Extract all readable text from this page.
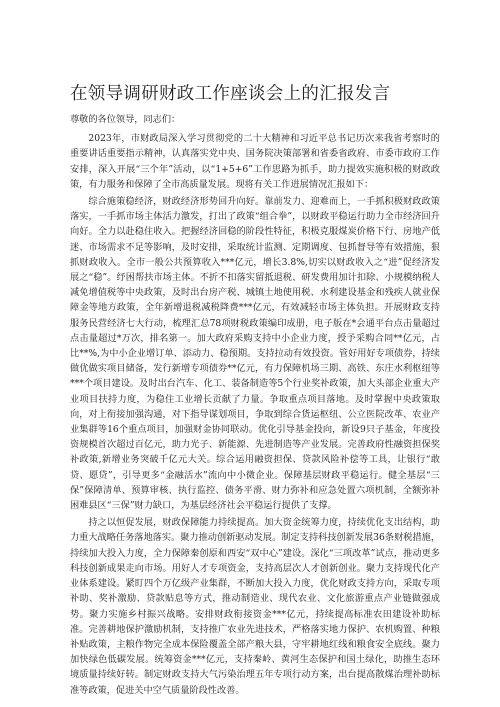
在领导调研财政工作座谈会上的汇报发言

尊敬的各位领导，同志们：

2023年，市财政局深入学习贯彻党的二十大精神和习近平总书记历次来我省考察时的重要讲话重要指示精神，认真落实党中央、国务院决策部署和省委省政府、市委市政府工作安排，深入开展“三个年”活动，以“1+5+6”工作思路为抓手，助力提效实施积极的财政政策，有力服务和保障了全市高质量发展。现将有关工作进展情况汇报如下：

综合施策稳经济，财政经济形势回升向好。靠前发力、迎难而上，一手抓积极财政政策落实，一手抓市场主体活力激发，打出了政策“组合拳”，以财政平稳运行助力全市经济回升向好。全力以赴稳住收入。把握经济回稳的阶段性特征，积极克服煤炭价格下行、房地产低迷、市场需求不足等影响，及时安排，采取统计监测、定期调度、包抓督导等有效措施，狠抓财政收入。全市一般公共预算收入***亿元，增长3.8%,切实以财政收入之“进”促经济发展之“稳”。纾困帮扶市场主体。不折不扣落实留抵退税、研发费用加计扣除、小规模纳税人减免增值税等中央政策，及时出台房产税、城镇土地使用税、水利建设基金和残疾人就业保障金等地方政策，全年新增退税减税降费***亿元，有效减轻市场主体负担。开展财政支持服务民营经济七大行动，梳理汇总78项财税政策编印成册，电子版在*会通平台点击量超过点击量超过*万次，排名第一。加大政府采购支持中小企业力度，授予采购合同**亿元，占比**%,为中小企业增订单、添动力、稳预期。支持拉动有效投资。管好用好专项债券，持续做优做实项目储备，发行新增专项债券**亿元，有力保障机场三期、高铁、东庄水利枢纽等***个项目建设。及时出台汽车、化工、装备制造等5个行业奖补政策，加大头部企业重大产业项目扶持力度，为稳住工业增长贡献了力量。争取重点项目落地。及时掌握中央政策取向，对上衔接加强沟通，对下指导谋划项目，争取到综合货运枢纽、公立医院改革、农业产业集群等16个重点项目，加强财金协同联动。优化引导基金投向，新设9只子基金，年度投资规模首次超过百亿元，助力光子、新能源、先进制造等产业发展。完善政府性融资担保奖补政策,新增业务突破千亿元大关。综合运用融资担保、贷款风险补偿等工具，让银行“敢贷、愿贷”，引导更多“金融活水”流向中小微企业。保障基层财政平稳运行。健全基层“三保”保障清单、预算审核、执行监控、债务平滑、财力弥补和应急处置六项机制，全额弥补困难县区“三保”财力缺口，为基层经济社会平稳运行提供了支撑。

持之以恒促发展，财政保障能力持续提高。加大资金统筹力度，持续优化支出结构，助力重大战略任务落地落实。聚力推动创新驱动发展。制定支持科技创新发展36条财税措施，持续加大投入力度，全力保障秦创原和西安“双中心”建设。深化“三项改革”试点，推动更多科技创新成果走向市场。用好人才专项资金，支持高层次人才创新创业。聚力支持现代化产业体系建设。紧盯四个万亿级产业集群，不断加大投入力度，优化财政支持方向，采取专项补助、奖补激励、贷款贴息等方式，推动制造业、现代农业、文化旅游重点产业链做强成势。聚力实施乡村振兴战略。安排财政衔接资金***亿元，持续提高标准农田建设补助标准。完善耕地保护激励机制，支持推广农业先进技术，严格落实地力保护、农机购置、种粮补贴政策，主粮作物完全成本保险覆盖全部产粮大县，守牢耕地红线和粮食安全底线。聚力加快绿色低碳发展。统筹资金***亿元，支持秦岭、黄河生态保护和国土绿化，助推生态环境质量持续好转。制定财政支持大气污染治理五年专项行动方案，出台提高散煤治理补助标准等政策，促进关中空气质量阶段性改善。
